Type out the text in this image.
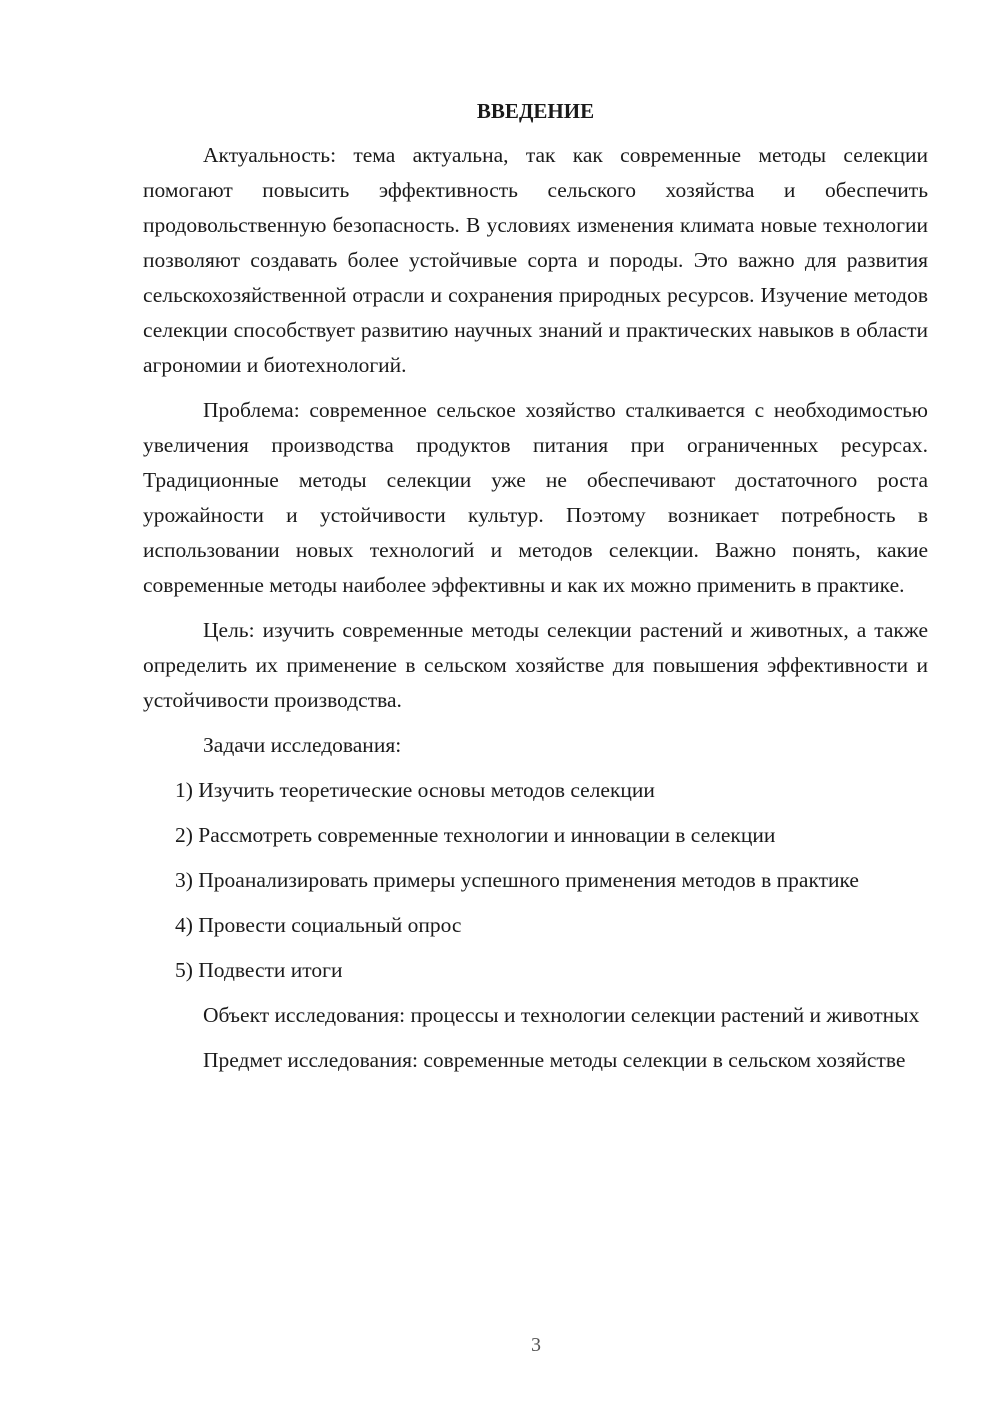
ВВЕДЕНИЕ

Актуальность: тема актуальна, так как современные методы селекции помогают повысить эффективность сельского хозяйства и обеспечить продовольственную безопасность. В условиях изменения климата новые технологии позволяют создавать более устойчивые сорта и породы. Это важно для развития сельскохозяйственной отрасли и сохранения природных ресурсов. Изучение методов селекции способствует развитию научных знаний и практических навыков в области агрономии и биотехнологий.

Проблема: современное сельское хозяйство сталкивается с необходимостью увеличения производства продуктов питания при ограниченных ресурсах. Традиционные методы селекции уже не обеспечивают достаточного роста урожайности и устойчивости культур. Поэтому возникает потребность в использовании новых технологий и методов селекции. Важно понять, какие современные методы наиболее эффективны и как их можно применить в практике.

Цель: изучить современные методы селекции растений и животных, а также определить их применение в сельском хозяйстве для повышения эффективности и устойчивости производства.

Задачи исследования:

1) Изучить теоретические основы методов селекции

2) Рассмотреть современные технологии и инновации в селекции

3) Проанализировать примеры успешного применения методов в практике

4) Провести социальный опрос

5) Подвести итоги

Объект исследования: процессы и технологии селекции растений и животных

Предмет исследования: современные методы селекции в сельском хозяйстве

3
